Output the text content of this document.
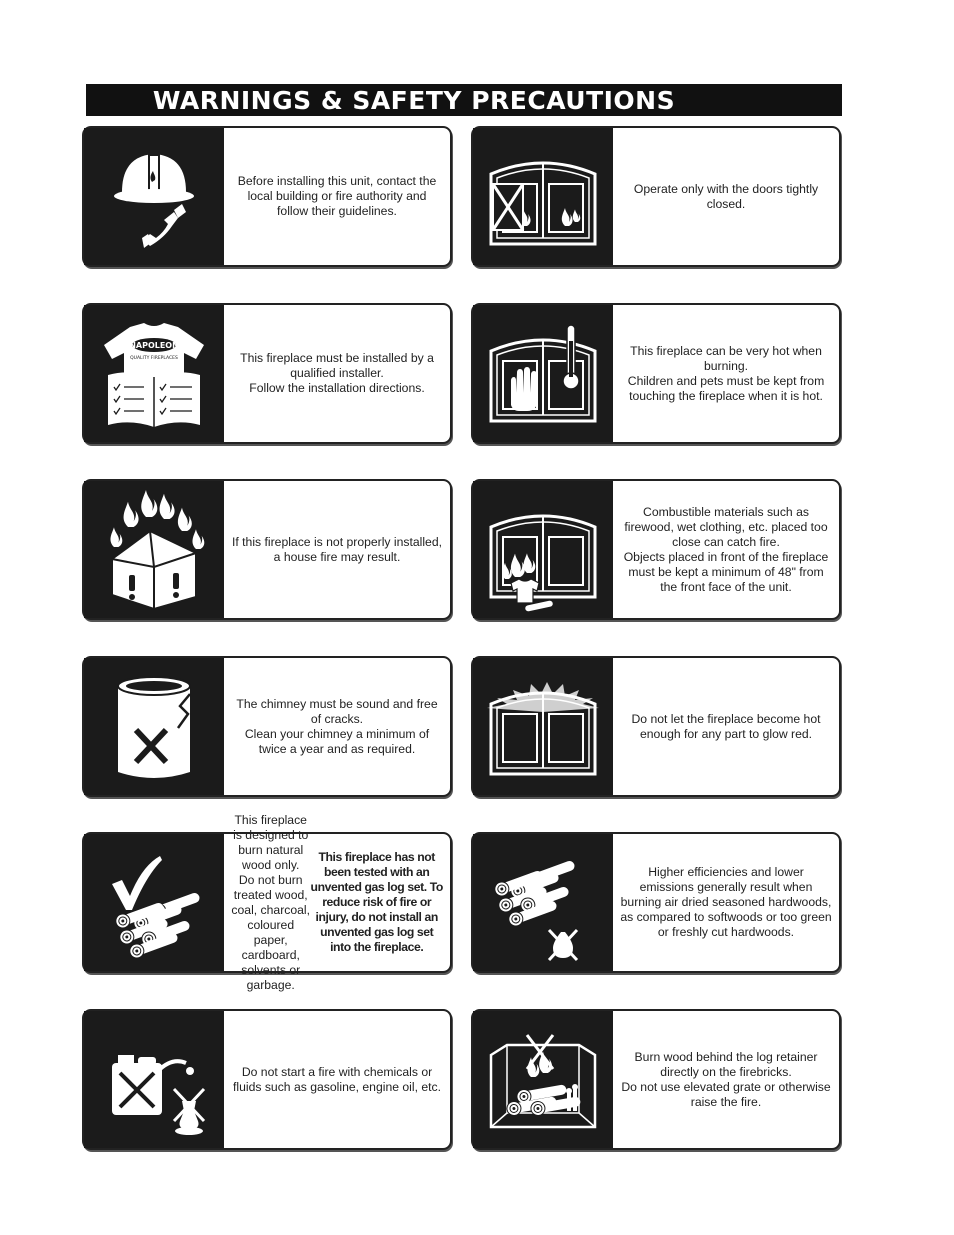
WARNINGS & SAFETY PRECAUTIONS
Before installing this unit, contact the local building or fire authority and follow their guidelines.
Operate only with the doors tightly closed.
NAPOLEON
QUALITY FIREPLACES	This fireplace must be installed by a qualified installer.
Follow the installation directions.
This fireplace can be very hot when burning.
Children and pets must be kept from touching the fireplace when it is hot.
If this fireplace is not properly installed, a house fire may result.
Combustible materials such as firewood, wet clothing, etc. placed too close can catch fire.
Objects placed in front of the fireplace must be kept a minimum of 48" from the front face of the unit.
The chimney must be sound and free of cracks.
Clean your chimney a minimum of twice a year and as required.
Do not let the fireplace become hot enough for any part to glow red.
This fireplace is designed to burn natural wood only.
Do not burn treated wood, coal, charcoal, coloured paper, cardboard, solvents or garbage.
This fireplace has not been tested with an unvented gas log set. To reduce risk of fire or injury, do not install an unvented gas log set into the fireplace.
Higher efficiencies and lower emissions generally result when burning air dried seasoned hardwoods, as compared to softwoods or too green or freshly cut hardwoods.
Do not start a fire with chemicals or fluids such as gasoline, engine oil, etc.
Burn wood behind the log retainer directly on the firebricks.
Do not use elevated grate or otherwise raise the fire.
